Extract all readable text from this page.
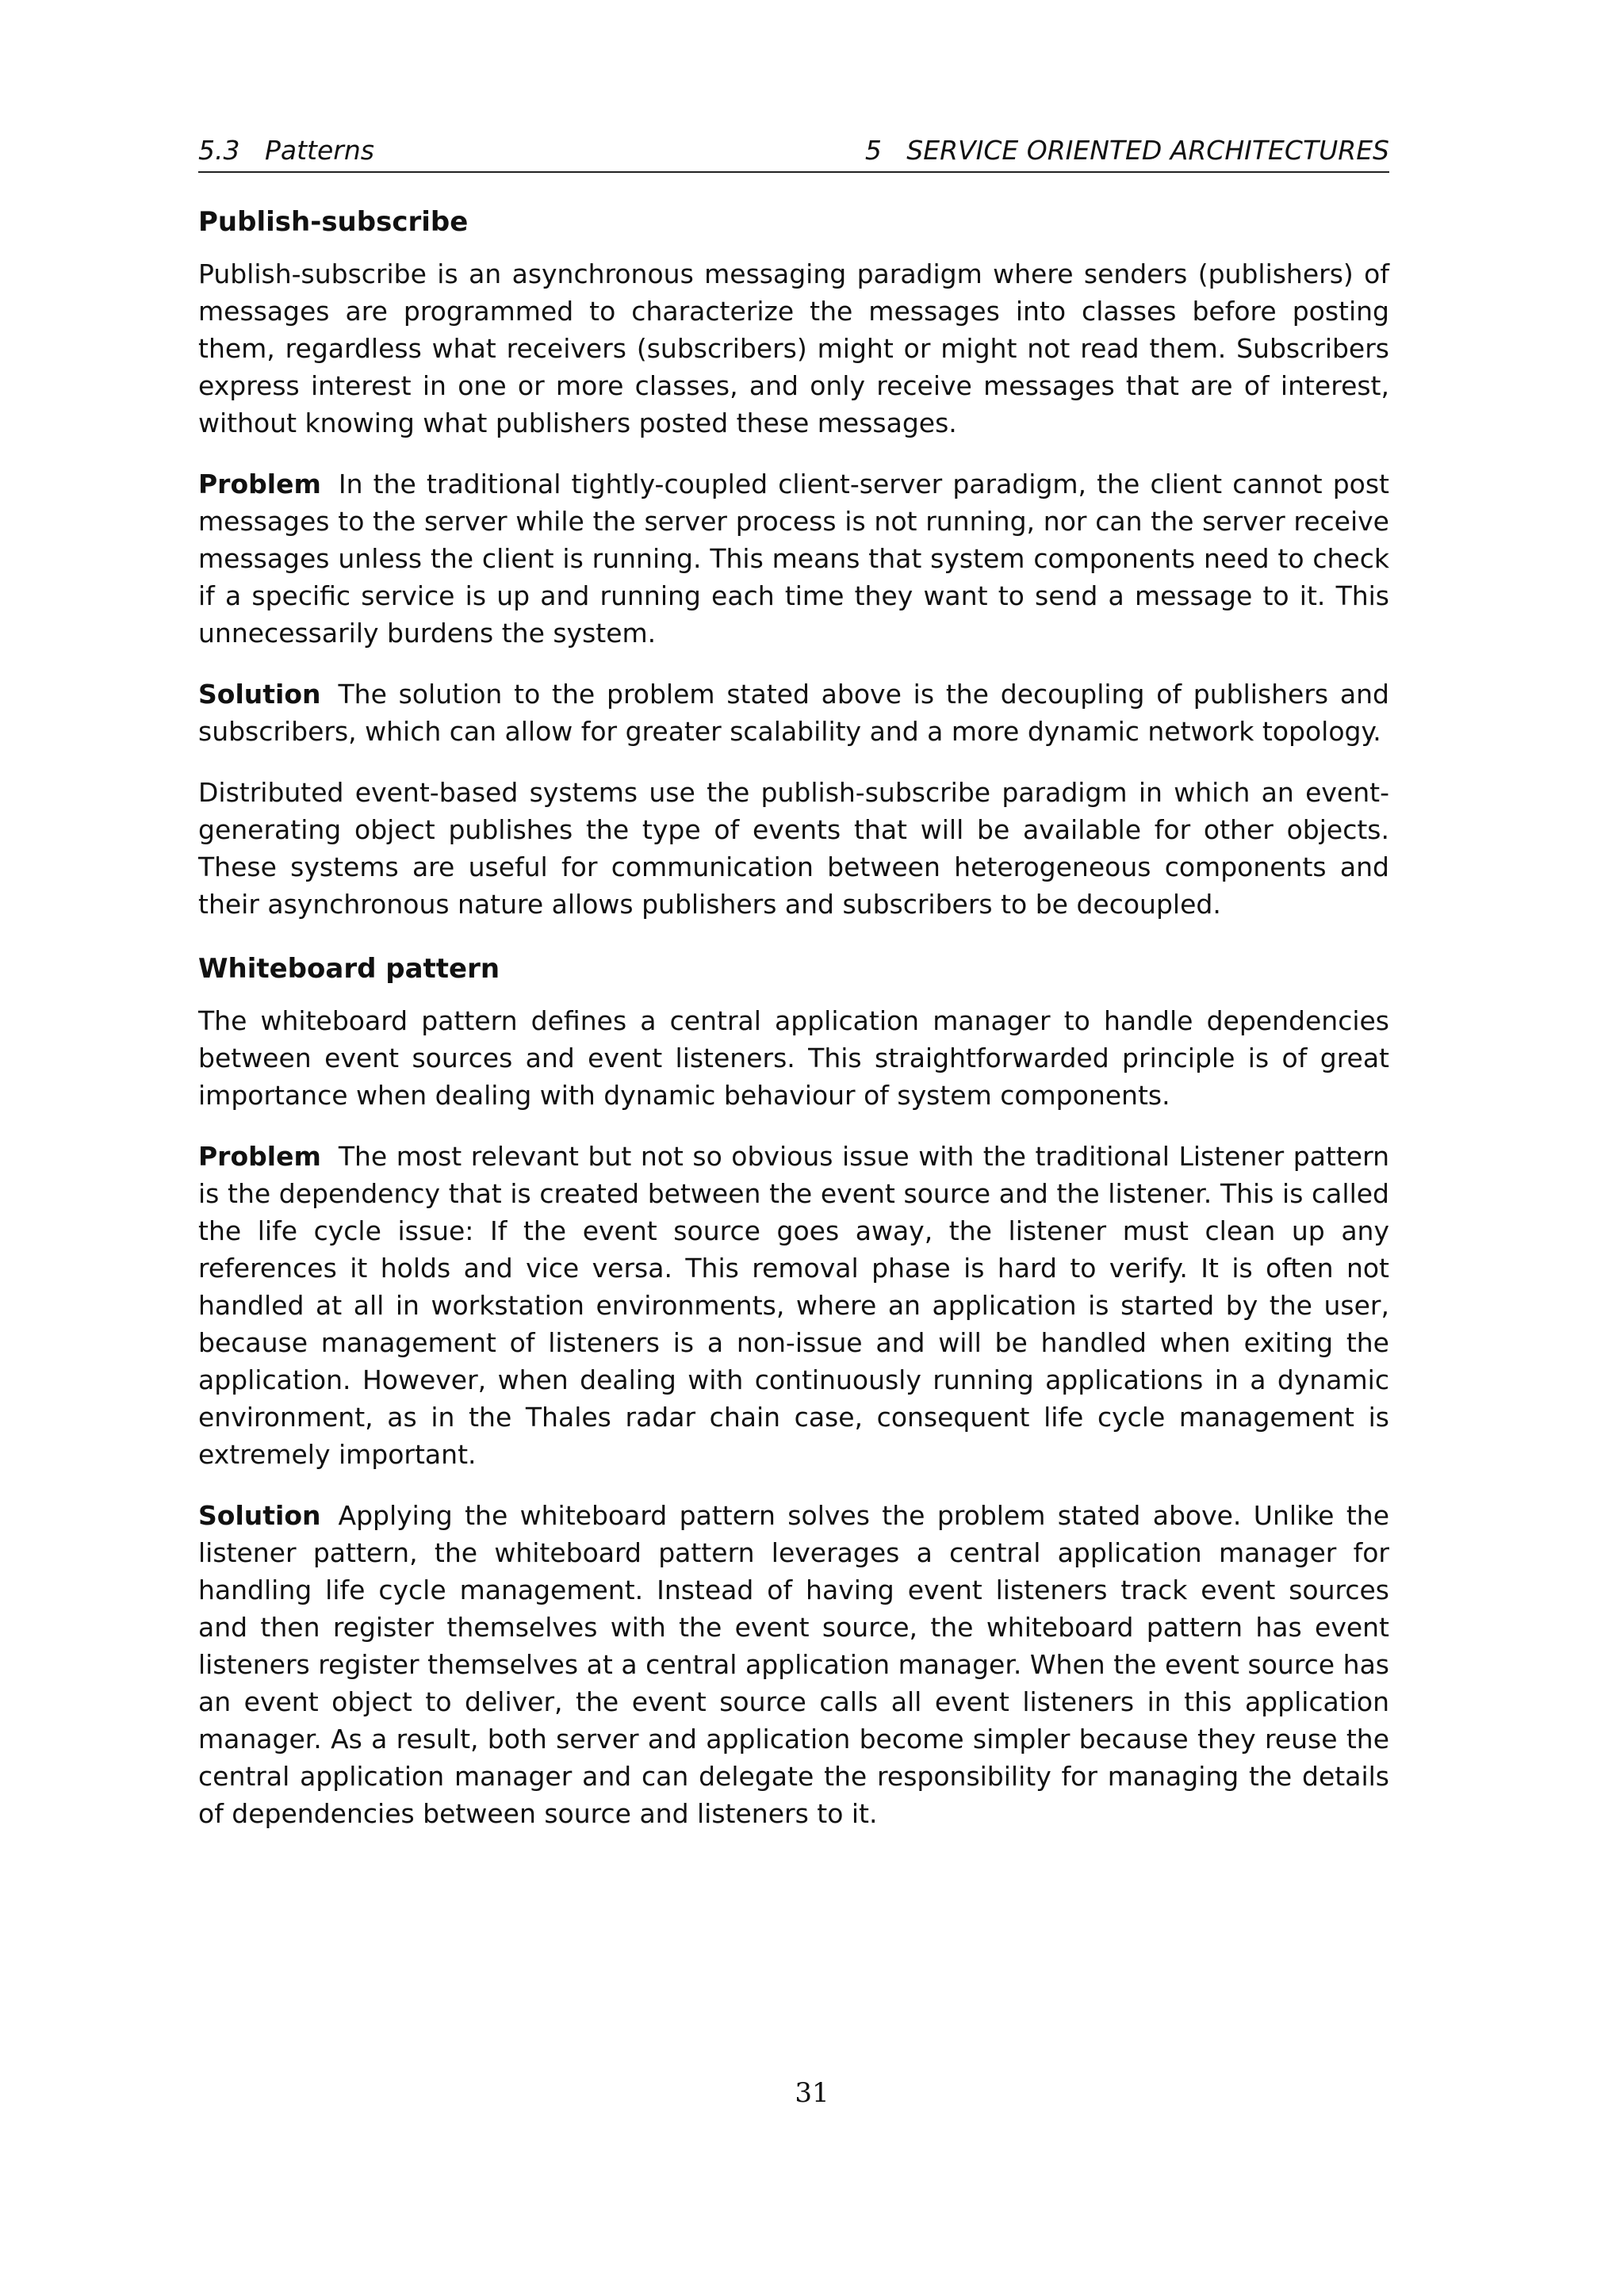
5.3   Patterns	5   SERVICE ORIENTED ARCHITECTURES
Publish-subscribe

Publish-subscribe is an asynchronous messaging paradigm where senders (publishers) of messages are programmed to characterize the messages into classes before posting them, regardless what receivers (subscribers) might or might not read them. Subscribers express interest in one or more classes, and only receive messages that are of interest, without knowing what publishers posted these messages.

Problem In the traditional tightly-coupled client-server paradigm, the client cannot post messages to the server while the server process is not running, nor can the server receive messages unless the client is running. This means that system components need to check if a specific service is up and running each time they want to send a message to it. This unnecessarily burdens the system.

Solution The solution to the problem stated above is the decoupling of publishers and subscribers, which can allow for greater scalability and a more dynamic network topology.

Distributed event-based systems use the publish-subscribe paradigm in which an event-generating object publishes the type of events that will be available for other objects. These systems are useful for communication between heterogeneous components and their asynchronous nature allows publishers and subscribers to be decoupled.

Whiteboard pattern

The whiteboard pattern defines a central application manager to handle dependencies between event sources and event listeners. This straightforwarded principle is of great importance when dealing with dynamic behaviour of system components.

Problem The most relevant but not so obvious issue with the traditional Listener pattern is the dependency that is created between the event source and the listener. This is called the life cycle issue: If the event source goes away, the listener must clean up any references it holds and vice versa. This removal phase is hard to verify. It is often not handled at all in workstation environments, where an application is started by the user, because management of listeners is a non-issue and will be handled when exiting the application. However, when dealing with continuously running applications in a dynamic environment, as in the Thales radar chain case, consequent life cycle management is extremely important.

Solution Applying the whiteboard pattern solves the problem stated above. Unlike the listener pattern, the whiteboard pattern leverages a central application manager for handling life cycle management. Instead of having event listeners track event sources and then register themselves with the event source, the whiteboard pattern has event listeners register themselves at a central application manager. When the event source has an event object to deliver, the event source calls all event listeners in this application manager. As a result, both server and application become simpler because they reuse the central application manager and can delegate the responsibility for managing the details of dependencies between source and listeners to it.

31
